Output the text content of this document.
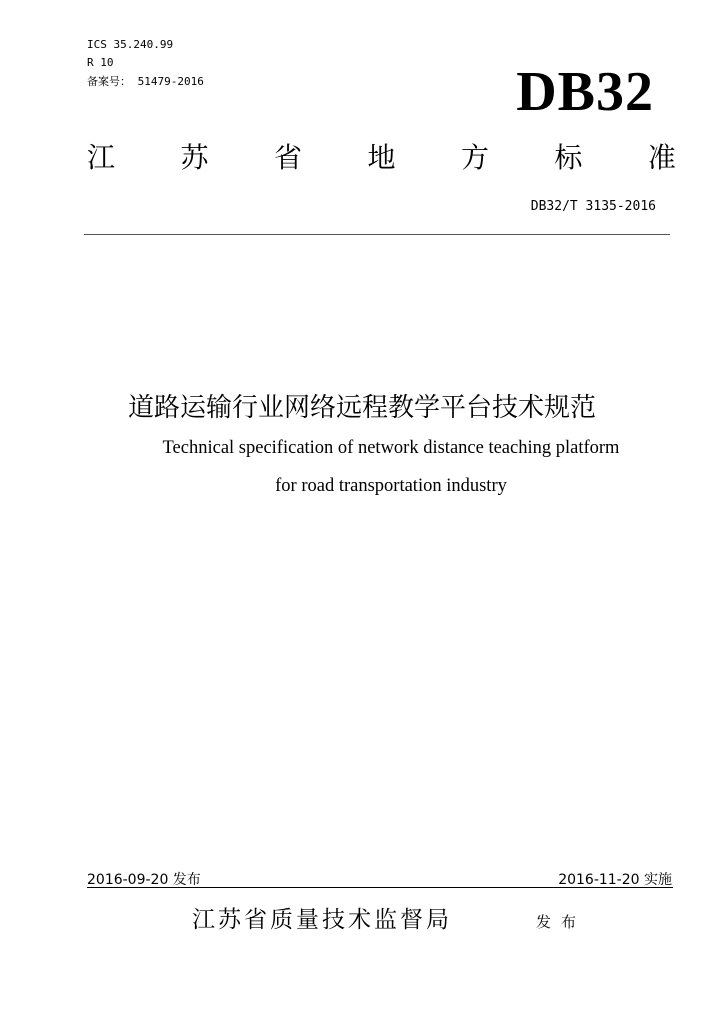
ICS 35.240.99
R 10
备案号： 51479-2016	DB32
江 苏 省 地 方 标 准
DB32/T 3135-2016
道路运输行业网络远程教学平台技术规范
Technical specification of network distance teaching platform
for road transportation industry
2016-09-20 发布	2016-11-20 实施
江苏省质量技术监督局	发布
